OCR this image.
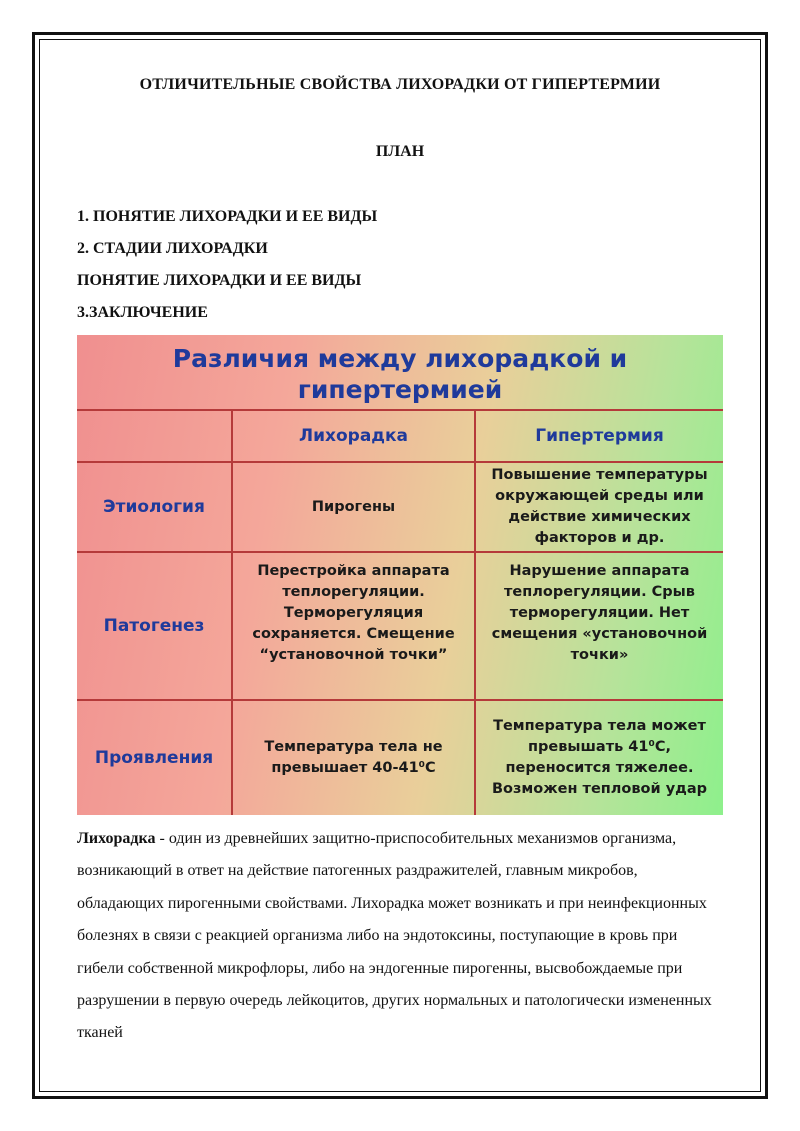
ОТЛИЧИТЕЛЬНЫЕ СВОЙСТВА ЛИХОРАДКИ ОТ ГИПЕРТЕРМИИ
ПЛАН
1. ПОНЯТИЕ ЛИХОРАДКИ И ЕЕ ВИДЫ
2. СТАДИИ ЛИХОРАДКИ
ПОНЯТИЕ ЛИХОРАДКИ И ЕЕ ВИДЫ
3.ЗАКЛЮЧЕНИЕ
Различия между лихорадкой и гипертермией
Лихорадка	Гипертермия
Этиология	Пирогены
Повышение температуры
окружающей среды или
действие химических
факторов и др.
Патогенез
Перестройка аппарата
теплорегуляции.
Терморегуляция
сохраняется. Смещение
“установочной точки”
Нарушение аппарата
теплорегуляции. Срыв
терморегуляции. Нет
смещения «установочной
точки»
Проявления
Температура тела не
превышает 40-41⁰С
Температура тела может
превышать 41⁰С,
переносится тяжелее.
Возможен тепловой удар

Лихорадка - один из древнейших защитно-приспособительных механизмов организма, возникающий в ответ на действие патогенных раздражителей, главным микробов, обладающих пирогенными свойствами. Лихорадка может возникать и при неинфекционных болезнях в связи с реакцией организма либо на эндотоксины, поступающие в кровь при гибели собственной микрофлоры, либо на эндогенные пирогенны, высвобождаемые при разрушении в первую очередь лейкоцитов, других нормальных и патологически измененных тканей
